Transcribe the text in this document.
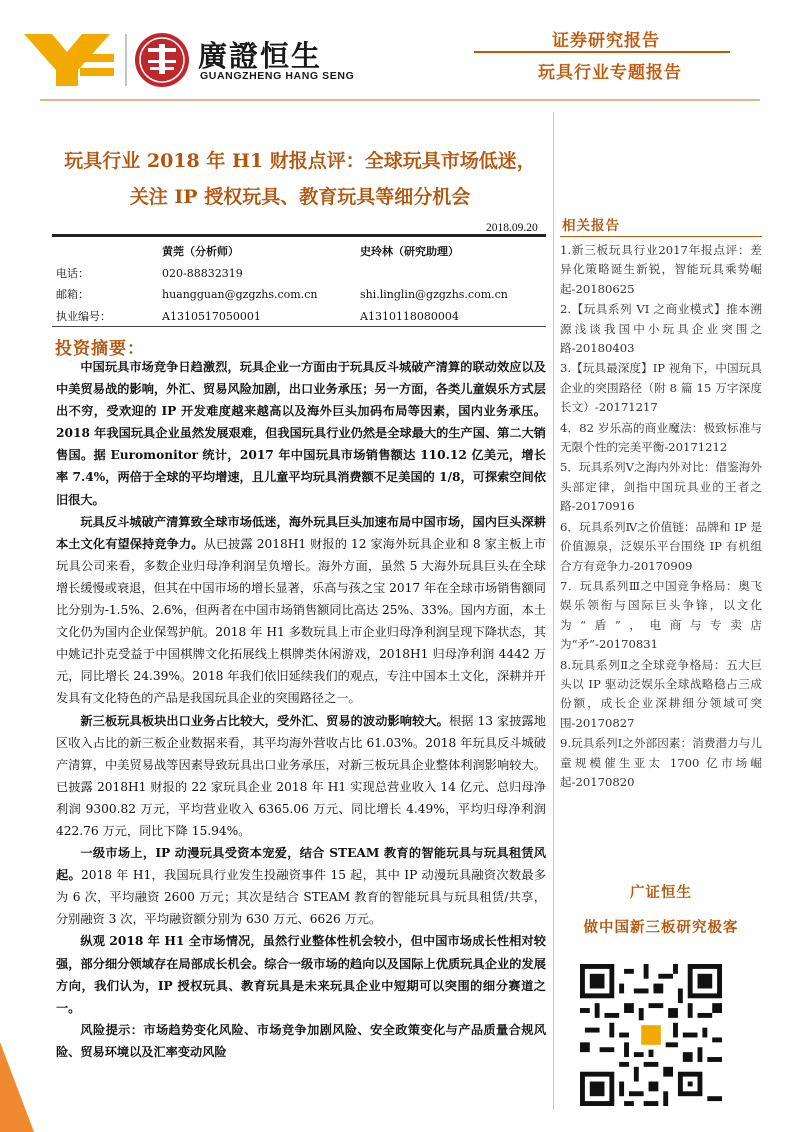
廣證恒生
GUANGZHENG HANG SENG
证券研究报告
玩具行业专题报告
玩具行业 2018 年 H1 财报点评：全球玩具市场低迷，
关注 IP 授权玩具、教育玩具等细分机会
2018.09.20
黄莞（分析师）	史玲林（研究助理）
电话：	020-88832319
邮箱：	huangguan@gzgzhs.com.cn	shi.linglin@gzgzhs.com.cn
执业编号：	A1310517050001	A1310118080004
投资摘要：

中国玩具市场竞争日趋激烈，玩具企业一方面由于玩具反斗城破产清算的联动效应以及中美贸易战的影响，外汇、贸易风险加剧，出口业务承压；另一方面，各类儿童娱乐方式层出不穷，受欢迎的 IP 开发难度越来越高以及海外巨头加码布局等因素，国内业务承压。2018 年我国玩具企业虽然发展艰难，但我国玩具行业仍然是全球最大的生产国、第二大销售国。据 Euromonitor 统计，2017 年中国玩具市场销售额达 110.12 亿美元，增长率 7.4%，两倍于全球的平均增速，且儿童平均玩具消费额不足美国的 1/8，可探索空间依旧很大。

玩具反斗城破产清算致全球市场低迷，海外玩具巨头加速布局中国市场，国内巨头深耕本土文化有望保持竞争力。从已披露 2018H1 财报的 12 家海外玩具企业和 8 家主板上市玩具公司来看，多数企业归母净利润呈负增长。海外方面，虽然 5 大海外玩具巨头在全球增长缓慢或衰退，但其在中国市场的增长显著，乐高与孩之宝 2017 年在全球市场销售额同比分别为-1.5%、2.6%，但两者在中国市场销售额同比高达 25%、33%。国内方面，本土文化仍为国内企业保驾护航。2018 年 H1 多数玩具上市企业归母净利润呈现下降状态，其中姚记扑克受益于中国棋牌文化拓展线上棋牌类休闲游戏，2018H1 归母净利润 4442 万元，同比增长 24.39%。2018 年我们依旧延续我们的观点，专注中国本土文化，深耕并开发具有文化特色的产品是我国玩具企业的突围路径之一。

新三板玩具板块出口业务占比较大，受外汇、贸易的波动影响较大。根据 13 家披露地区收入占比的新三板企业数据来看，其平均海外营收占比 61.03%。2018 年玩具反斗城破产清算，中美贸易战等因素导致玩具出口业务承压，对新三板玩具企业整体利润影响较大。已披露 2018H1 财报的 22 家玩具企业 2018 年 H1 实现总营业收入 14 亿元、总归母净利润 9300.82 万元，平均营业收入 6365.06 万元、同比增长 4.49%，平均归母净利润 422.76 万元，同比下降 15.94%。

一级市场上，IP 动漫玩具受资本宠爱，结合 STEAM 教育的智能玩具与玩具租赁风起。2018 年 H1，我国玩具行业发生投融资事件 15 起，其中 IP 动漫玩具融资次数最多为 6 次，平均融资 2600 万元；其次是结合 STEAM 教育的智能玩具与玩具租赁/共享，分别融资 3 次，平均融资额分别为 630 万元、6626 万元。

纵观 2018 年 H1 全市场情况，虽然行业整体性机会较小，但中国市场成长性相对较强，部分细分领域存在局部成长机会。综合一级市场的趋向以及国际上优质玩具企业的发展方向，我们认为，IP 授权玩具、教育玩具是未来玩具企业中短期可以突围的细分赛道之一。

风险提示：市场趋势变化风险、市场竞争加剧风险、安全政策变化与产品质量合规风险、贸易环境以及汇率变动风险

相关报告
1.新三板玩具行业2017年报点评：差异化策略诞生新锐，智能玩具乘势崛起-20180625
2.【玩具系列 VI 之商业模式】推本溯源浅谈我国中小玩具企业突围之路-20180403
3.【玩具最深度】IP 视角下，中国玩具企业的突围路径（附 8 篇 15 万字深度长文）-20171217
4．82 岁乐高的商业魔法：极致标准与无限个性的完美平衡-20171212
5．玩具系列Ⅴ之海内外对比：借鉴海外头部定律，剑指中国玩具业的王者之路-20170916
6．玩具系列Ⅳ之价值链：品牌和 IP 是价值源泉，泛娱乐平台围绕 IP 有机组合方有竞争力-20170909
7．玩具系列Ⅲ之中国竞争格局：奥飞娱乐领衔与国际巨头争锋，以文化为“盾”，电商与专卖店为“矛”-20170831
8.玩具系列Ⅱ之全球竞争格局：五大巨头以 IP 驱动泛娱乐全球战略稳占三成份额，成长企业深耕细分领域可突围-20170827
9.玩具系列Ⅰ之外部因素：消费潜力与儿童规模催生亚太 1700 亿市场崛起-20170820
广证恒生
做中国新三板研究极客
